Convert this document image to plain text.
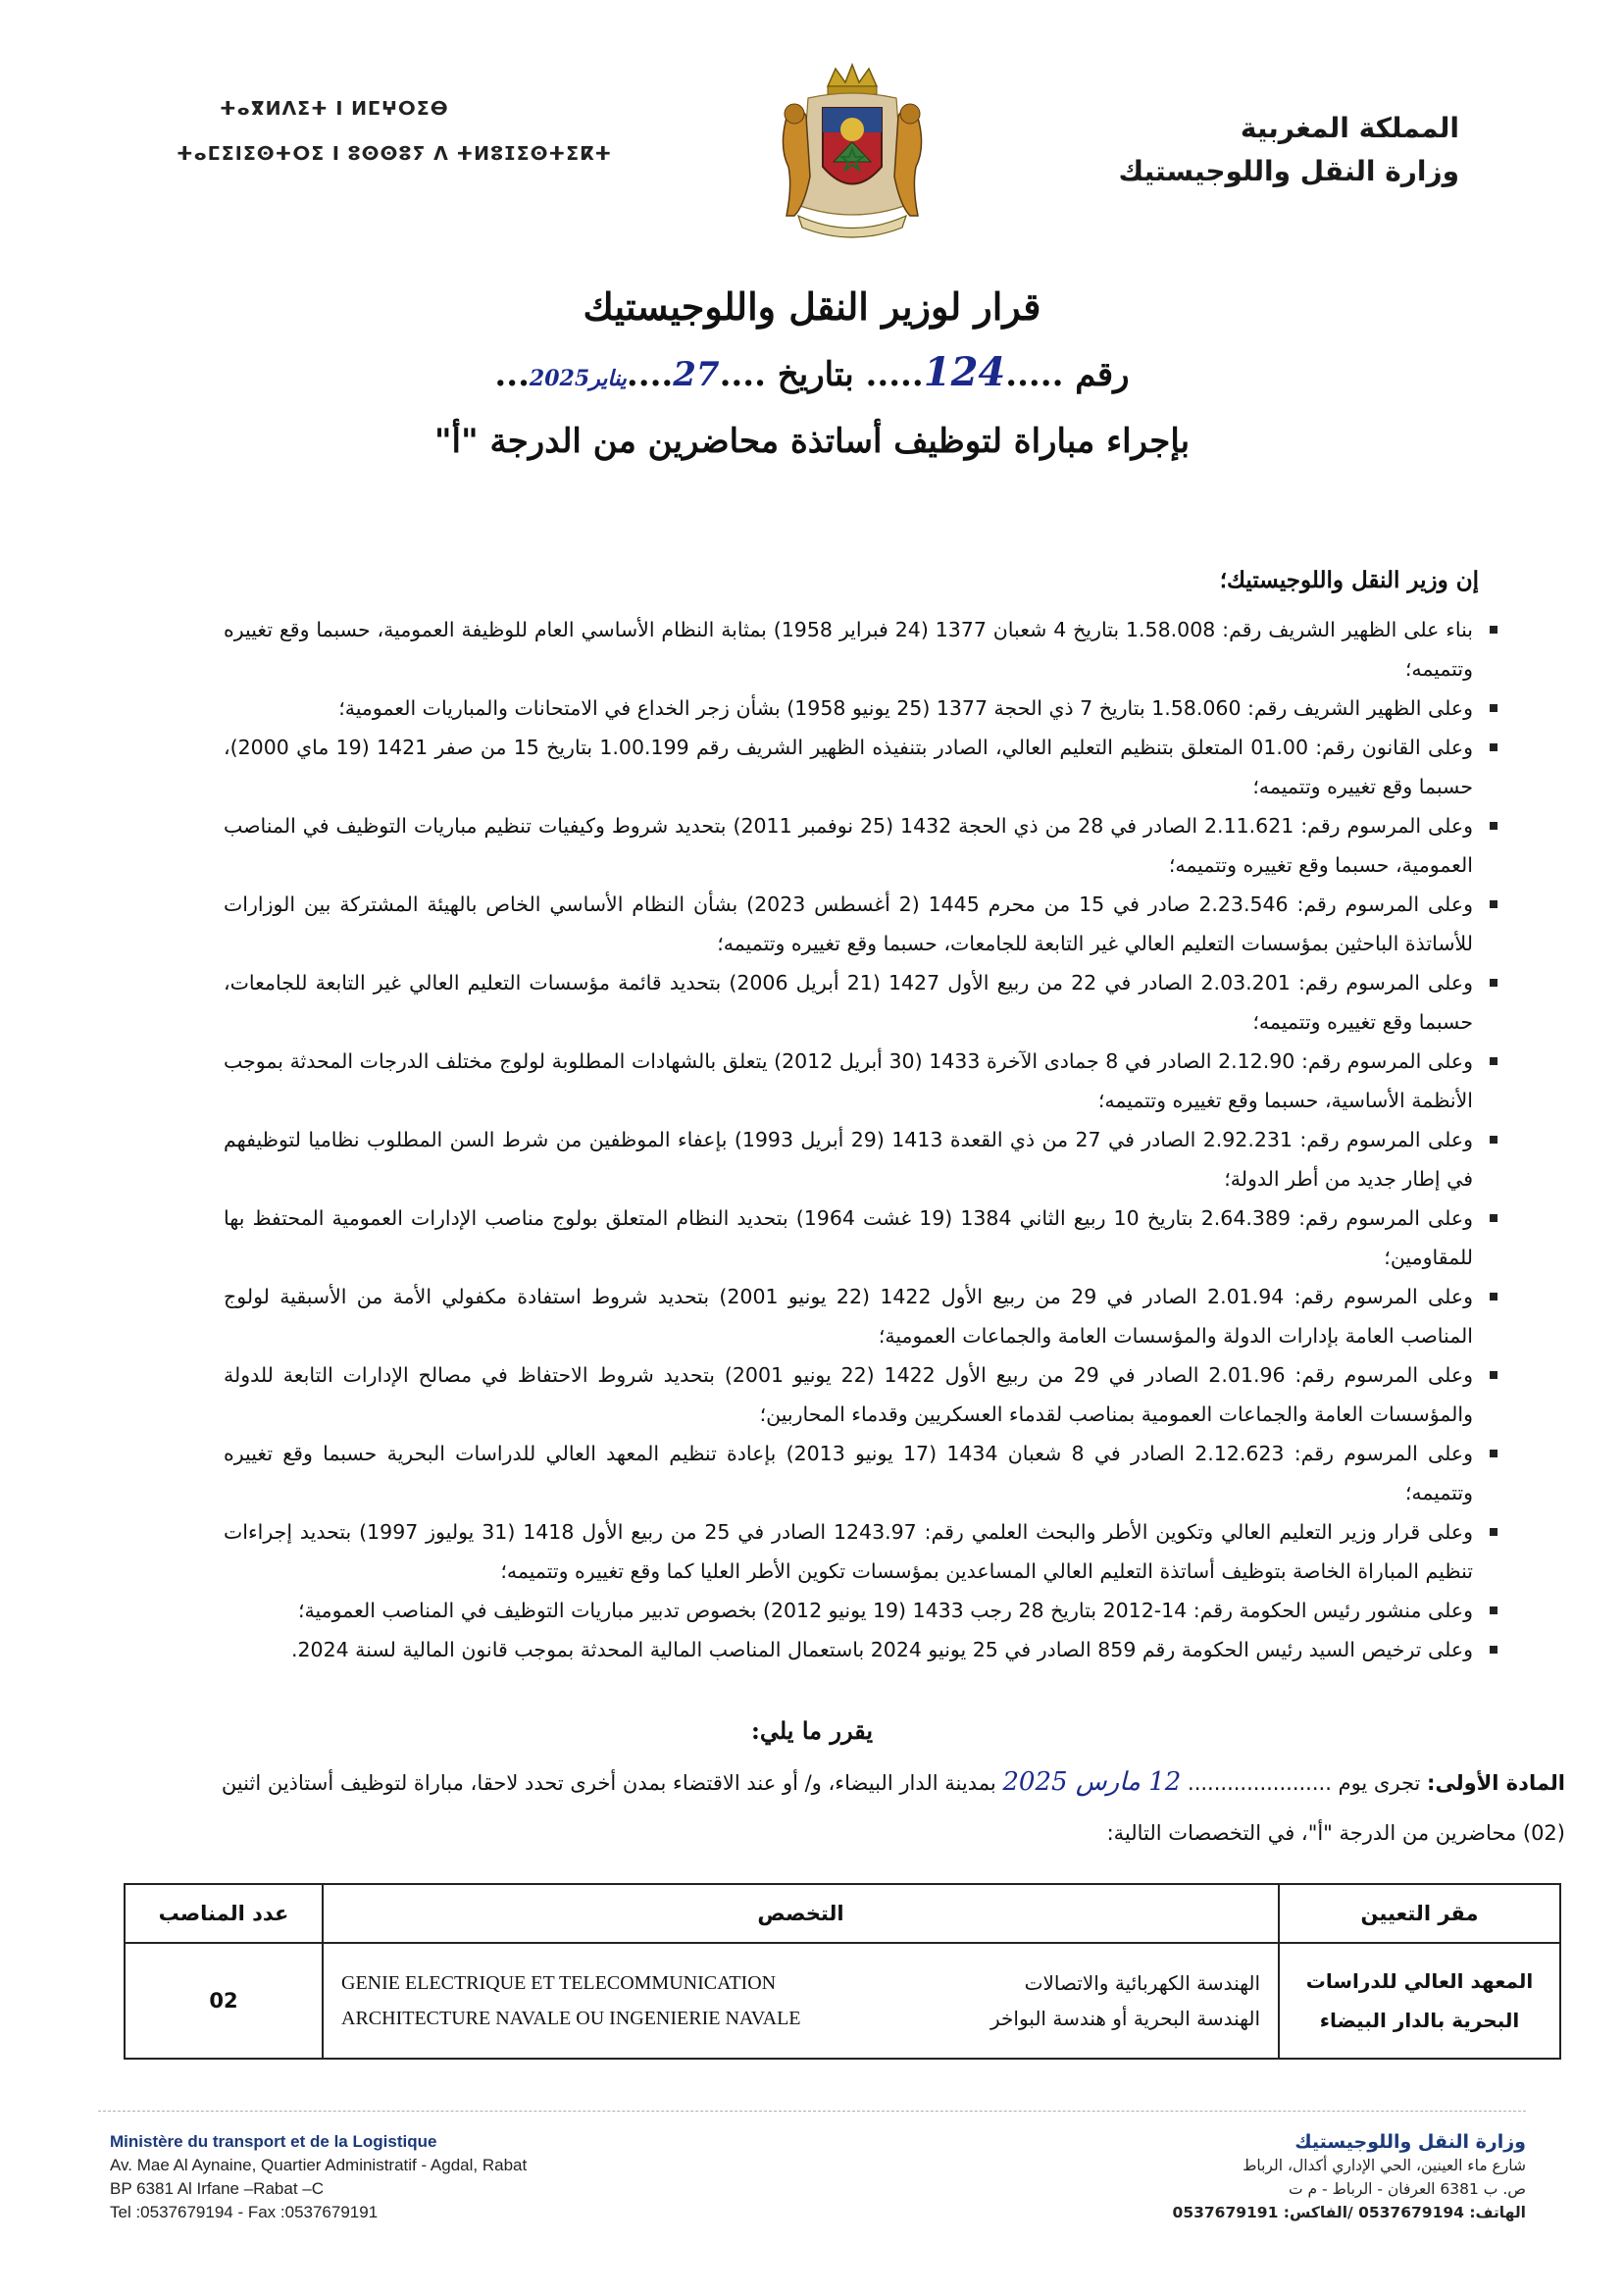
المملكة المغربية
وزارة النقل واللوجيستيك
ⵜⴰⴳⵍⴷⵉⵜ ⵏ ⵍⵎⵖⵔⵉⴱ
ⵜⴰⵎⵉⵏⵉⵙⵜⵔⵉ ⵏ ⵓⵙⵙⵓⵢ ⴷ ⵜⵍⵓⵊⵉⵙⵜⵉⴽⵜ
قرار لوزير النقل واللوجيستيك
رقم .....124..... بتاريخ ....27....يناير2025...
بإجراء مباراة لتوظيف أساتذة محاضرين من الدرجة "أ"
إن وزير النقل واللوجيستيك؛
بناء على الظهير الشريف رقم: 1.58.008 بتاريخ 4 شعبان 1377 (24 فبراير 1958) بمثابة النظام الأساسي العام للوظيفة العمومية، حسبما وقع تغييره وتتميمه؛
وعلى الظهير الشريف رقم: 1.58.060 بتاريخ 7 ذي الحجة 1377 (25 يونيو 1958) بشأن زجر الخداع في الامتحانات والمباريات العمومية؛
وعلى القانون رقم: 01.00 المتعلق بتنظيم التعليم العالي، الصادر بتنفيذه الظهير الشريف رقم 1.00.199 بتاريخ 15 من صفر 1421 (19 ماي 2000)، حسبما وقع تغييره وتتميمه؛
وعلى المرسوم رقم: 2.11.621 الصادر في 28 من ذي الحجة 1432 (25 نوفمبر 2011) بتحديد شروط وكيفيات تنظيم مباريات التوظيف في المناصب العمومية، حسبما وقع تغييره وتتميمه؛
وعلى المرسوم رقم: 2.23.546 صادر في 15 من محرم 1445 (2 أغسطس 2023) بشأن النظام الأساسي الخاص بالهيئة المشتركة بين الوزارات للأساتذة الباحثين بمؤسسات التعليم العالي غير التابعة للجامعات، حسبما وقع تغييره وتتميمه؛
وعلى المرسوم رقم: 2.03.201 الصادر في 22 من ربيع الأول 1427 (21 أبريل 2006) بتحديد قائمة مؤسسات التعليم العالي غير التابعة للجامعات، حسبما وقع تغييره وتتميمه؛
وعلى المرسوم رقم: 2.12.90 الصادر في 8 جمادى الآخرة 1433 (30 أبريل 2012) يتعلق بالشهادات المطلوبة لولوج مختلف الدرجات المحدثة بموجب الأنظمة الأساسية، حسبما وقع تغييره وتتميمه؛
وعلى المرسوم رقم: 2.92.231 الصادر في 27 من ذي القعدة 1413 (29 أبريل 1993) بإعفاء الموظفين من شرط السن المطلوب نظاميا لتوظيفهم في إطار جديد من أطر الدولة؛
وعلى المرسوم رقم: 2.64.389 بتاريخ 10 ربيع الثاني 1384 (19 غشت 1964) بتحديد النظام المتعلق بولوج مناصب الإدارات العمومية المحتفظ بها للمقاومين؛
وعلى المرسوم رقم: 2.01.94 الصادر في 29 من ربيع الأول 1422 (22 يونيو 2001) بتحديد شروط استفادة مكفولي الأمة من الأسبقية لولوج المناصب العامة بإدارات الدولة والمؤسسات العامة والجماعات العمومية؛
وعلى المرسوم رقم: 2.01.96 الصادر في 29 من ربيع الأول 1422 (22 يونيو 2001) بتحديد شروط الاحتفاظ في مصالح الإدارات التابعة للدولة والمؤسسات العامة والجماعات العمومية بمناصب لقدماء العسكريين وقدماء المحاربين؛
وعلى المرسوم رقم: 2.12.623 الصادر في 8 شعبان 1434 (17 يونيو 2013) بإعادة تنظيم المعهد العالي للدراسات البحرية حسبما وقع تغييره وتتميمه؛
وعلى قرار وزير التعليم العالي وتكوين الأطر والبحث العلمي رقم: 1243.97 الصادر في 25 من ربيع الأول 1418 (31 يوليوز 1997) بتحديد إجراءات تنظيم المباراة الخاصة بتوظيف أساتذة التعليم العالي المساعدين بمؤسسات تكوين الأطر العليا كما وقع تغييره وتتميمه؛
وعلى منشور رئيس الحكومة رقم: 14-2012 بتاريخ 28 رجب 1433 (19 يونيو 2012) بخصوص تدبير مباريات التوظيف في المناصب العمومية؛
وعلى ترخيص السيد رئيس الحكومة رقم 859 الصادر في 25 يونيو 2024 باستعمال المناصب المالية المحدثة بموجب قانون المالية لسنة 2024.
يقرر ما يلي:
المادة الأولى: تجرى يوم ...................... 12 مارس 2025 بمدينة الدار البيضاء، و/ أو عند الاقتضاء بمدن أخرى تحدد لاحقا، مباراة لتوظيف أستاذين اثنين
(02) محاضرين من الدرجة "أ"، في التخصصات التالية:
مقر التعيين	التخصص	عدد المناصب
المعهد العالي للدراسات البحرية بالدار البيضاء	الهندسة الكهربائية والاتصالات
GENIE ELECTRIQUE ET TELECOMMUNICATION
الهندسة البحرية أو هندسة البواخر
ARCHITECTURE NAVALE OU INGENIERIE NAVALE	02
Ministère du transport et de la Logistique
Av. Mae Al Aynaine, Quartier Administratif - Agdal, Rabat
BP 6381 Al Irfane –Rabat –C
Tel :0537679194 - Fax :0537679191
وزارة النقل واللوجيستيك
شارع ماء العينين، الحي الإداري أكدال، الرباط
ص. ب 6381 العرفان - الرباط - م ت
الهاتف: 0537679194 /الفاكس: 0537679191
